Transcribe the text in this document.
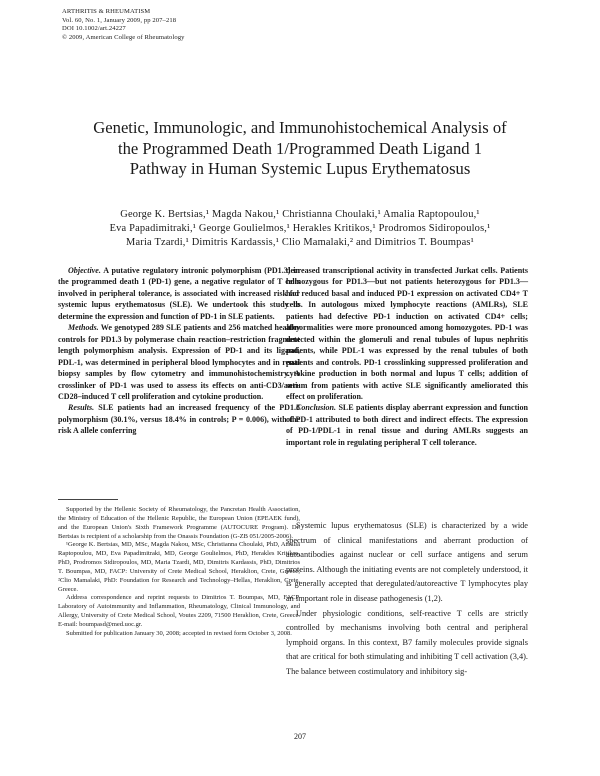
ARTHRITIS & RHEUMATISM
Vol. 60, No. 1, January 2009, pp 207–218
DOI 10.1002/art.24227
© 2009, American College of Rheumatology
Genetic, Immunologic, and Immunohistochemical Analysis of
the Programmed Death 1/Programmed Death Ligand 1
Pathway in Human Systemic Lupus Erythematosus
George K. Bertsias,¹ Magda Nakou,¹ Christianna Choulaki,¹ Amalia Raptopoulou,¹
Eva Papadimitraki,¹ George Goulielmos,¹ Herakles Kritikos,¹ Prodromos Sidiropoulos,¹
Maria Tzardi,¹ Dimitris Kardassis,¹ Clio Mamalaki,² and Dimitrios T. Boumpas¹

Objective. A putative regulatory intronic polymorphism (PD1.3) in the programmed death 1 (PD-1) gene, a negative regulator of T cells involved in peripheral tolerance, is associated with increased risk for systemic lupus erythematosus (SLE). We undertook this study to determine the expression and function of PD-1 in SLE patients.

Methods. We genotyped 289 SLE patients and 256 matched healthy controls for PD1.3 by polymerase chain reaction–restriction fragment length polymorphism analysis. Expression of PD-1 and its ligand, PDL-1, was determined in peripheral blood lymphocytes and in renal biopsy samples by flow cytometry and immunohistochemistry. A crosslinker of PD-1 was used to assess its effects on anti-CD3/anti-CD28–induced T cell proliferation and cytokine production.

Results. SLE patients had an increased frequency of the PD1.3 polymorphism (30.1%, versus 18.4% in controls; P = 0.006), with the risk A allele conferring

decreased transcriptional activity in transfected Jurkat cells. Patients homozygous for PD1.3—but not patients heterozygous for PD1.3—had reduced basal and induced PD-1 expression on activated CD4+ T cells. In autologous mixed lymphocyte reactions (AMLRs), SLE patients had defective PD-1 induction on activated CD4+ cells; abnormalities were more pronounced among homozygotes. PD-1 was detected within the glomeruli and renal tubules of lupus nephritis patients, while PDL-1 was expressed by the renal tubules of both patients and controls. PD-1 crosslinking suppressed proliferation and cytokine production in both normal and lupus T cells; addition of serum from patients with active SLE significantly ameliorated this effect on proliferation.

Conclusion. SLE patients display aberrant expression and function of PD-1 attributed to both direct and indirect effects. The expression of PD-1/PDL-1 in renal tissue and during AMLRs suggests an important role in regulating peripheral T cell tolerance.

Supported by the Hellenic Society of Rheumatology, the Pancretan Health Association, the Ministry of Education of the Hellenic Republic, the European Union (EPEAEK fund), and the European Union's Sixth Framework Programme (AUTOCURE Program). Dr. Bertsias is recipient of a scholarship from the Onassis Foundation (G-ZB 051/2005-2006).

¹George K. Bertsias, MD, MSc, Magda Nakou, MSc, Christianna Choulaki, PhD, Amalia Raptopoulou, MD, Eva Papadimitraki, MD, George Goulielmos, PhD, Herakles Kritikos, PhD, Prodromos Sidiropoulos, MD, Maria Tzardi, MD, Dimitris Kardassis, PhD, Dimitrios T. Boumpas, MD, FACP: University of Crete Medical School, Heraklion, Crete, Greece; ²Clio Mamalaki, PhD: Foundation for Research and Technology–Hellas, Heraklion, Crete, Greece.

Address correspondence and reprint requests to Dimitrios T. Boumpas, MD, FACP, Laboratory of Autoimmunity and Inflammation, Rheumatology, Clinical Immunology, and Allergy, University of Crete Medical School, Voutes 2209, 71500 Heraklion, Crete, Greece. E-mail: boumpasd@med.uoc.gr.

Submitted for publication January 30, 2008; accepted in revised form October 3, 2008.

Systemic lupus erythematosus (SLE) is characterized by a wide spectrum of clinical manifestations and aberrant production of autoantibodies against nuclear or cell surface antigens and serum proteins. Although the initiating events are not completely understood, it is generally accepted that deregulated/autoreactive T lymphocytes play an important role in disease pathogenesis (1,2).

Under physiologic conditions, self-reactive T cells are strictly controlled by mechanisms involving both central and peripheral lymphoid organs. In this context, B7 family molecules provide signals that are critical for both stimulating and inhibiting T cell activation (3,4). The balance between costimulatory and inhibitory sig-

207
